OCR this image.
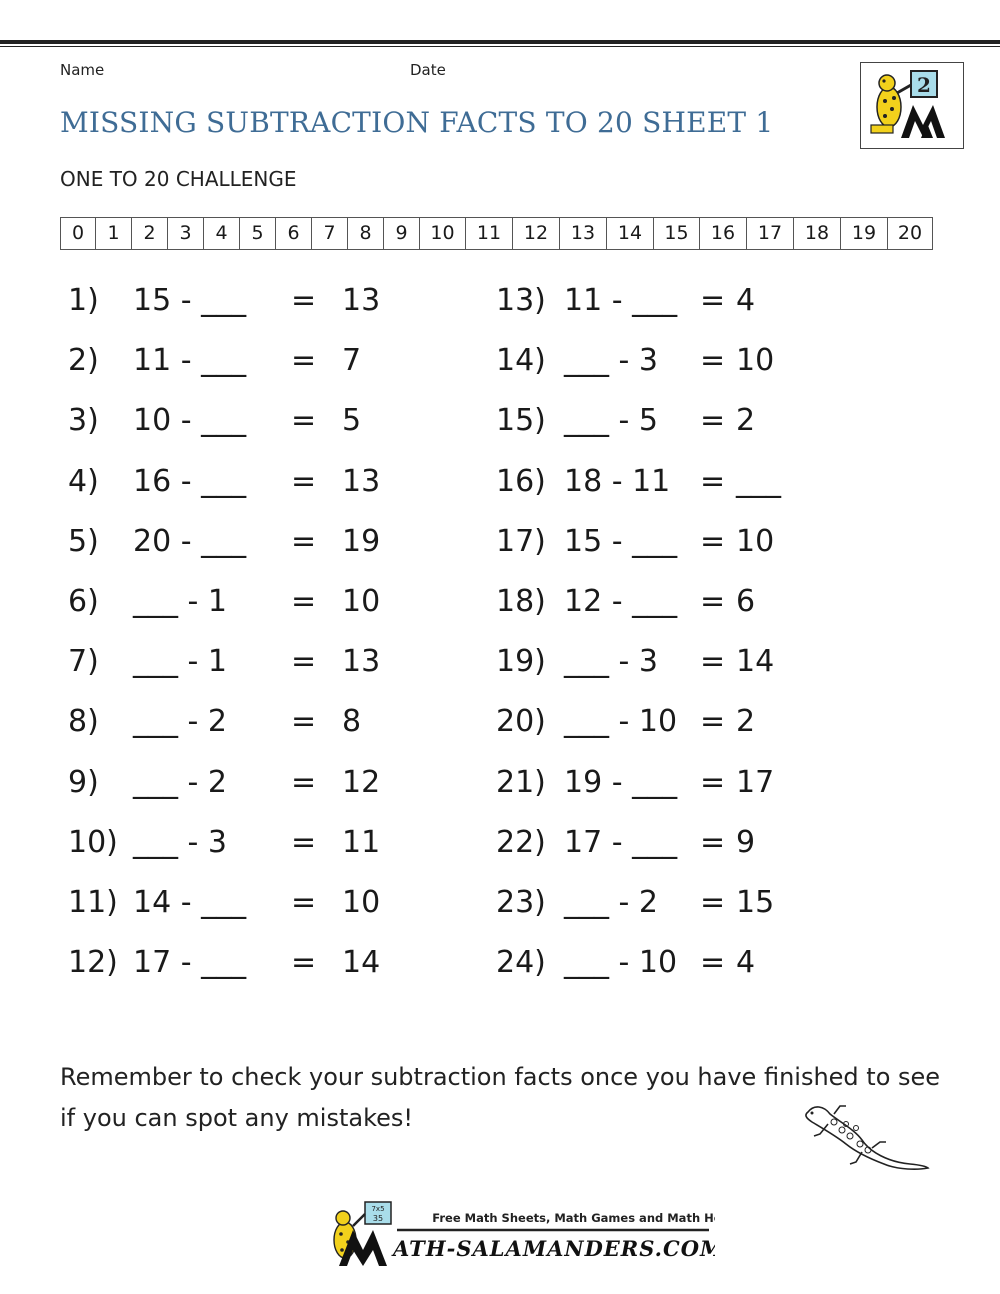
Name	Date
MISSING SUBTRACTION FACTS TO 20 SHEET 1
ONE TO 20 CHALLENGE
2
0	1	2	3	4	5	6	7	8	9	10	11	12	13	14	15	16	17	18	19	20
1) 15 - ___ = 13
2) 11 - ___ = 7
3) 10 - ___ = 5
4) 16 - ___ = 13
5) 20 - ___ = 19
6) ___ - 1 = 10
7) ___ - 1 = 13
8) ___ - 2 = 8
9) ___ - 2 = 12
10) ___ - 3 = 11
11) 14 - ___ = 10
12) 17 - ___ = 14
13) 11 - ___ = 4
14) ___ - 3 = 10
15) ___ - 5 = 2
16) 18 - 11 = ___
17) 15 - ___ = 10
18) 12 - ___ = 6
19) ___ - 3 = 14
20) ___ - 10 = 2
21) 19 - ___ = 17
22) 17 - ___ = 9
23) ___ - 2 = 15
24) ___ - 10 = 4
Remember to check your subtraction facts once you have finished to see if you can spot any mistakes!
7x5
35	Free Math Sheets, Math Games and Math Help
ATH-SALAMANDERS.COM
